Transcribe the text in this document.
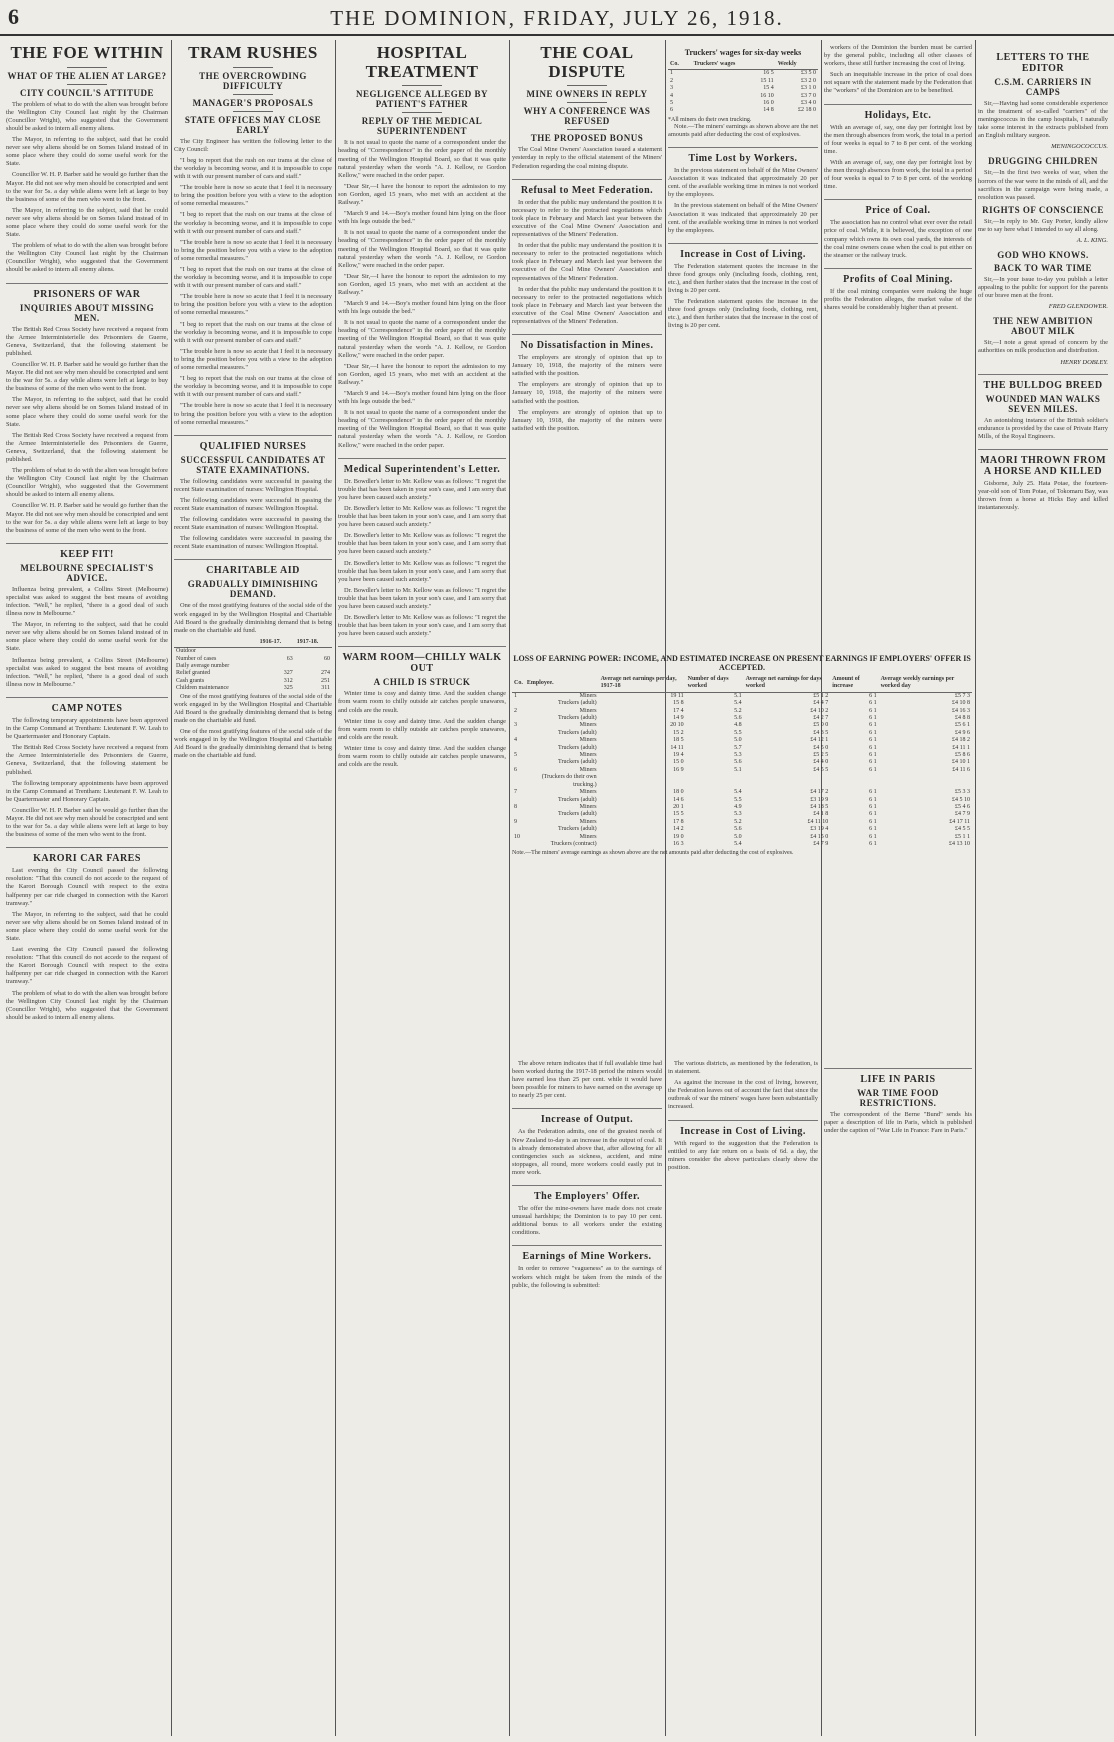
6	THE DOMINION, FRIDAY, JULY 26, 1918.
THE FOE WITHIN
WHAT OF THE ALIEN AT LARGE?
CITY COUNCIL'S ATTITUDE

The problem of what to do with the alien was brought before the Wellington City Council last night by the Chairman (Councillor Wright), who suggested that the Government should be asked to intern all enemy aliens.

The Mayor, in referring to the subject, said that he could never see why aliens should be on Somes Island instead of in some place where they could do some useful work for the State.

Councillor W. H. P. Barber said he would go further than the Mayor. He did not see why men should be conscripted and sent to the war for 5s. a day while aliens were left at large to buy the business of some of the men who went to the front.

The Mayor, in referring to the subject, said that he could never see why aliens should be on Somes Island instead of in some place where they could do some useful work for the State.

The problem of what to do with the alien was brought before the Wellington City Council last night by the Chairman (Councillor Wright), who suggested that the Government should be asked to intern all enemy aliens.

PRISONERS OF WAR
INQUIRIES ABOUT MISSING MEN.

The British Red Cross Society have received a request from the Armee Interministerielle des Prisonniers de Guerre, Geneva, Switzerland, that the following statement be published.

Councillor W. H. P. Barber said he would go further than the Mayor. He did not see why men should be conscripted and sent to the war for 5s. a day while aliens were left at large to buy the business of some of the men who went to the front.

The Mayor, in referring to the subject, said that he could never see why aliens should be on Somes Island instead of in some place where they could do some useful work for the State.

The British Red Cross Society have received a request from the Armee Interministerielle des Prisonniers de Guerre, Geneva, Switzerland, that the following statement be published.

The problem of what to do with the alien was brought before the Wellington City Council last night by the Chairman (Councillor Wright), who suggested that the Government should be asked to intern all enemy aliens.

Councillor W. H. P. Barber said he would go further than the Mayor. He did not see why men should be conscripted and sent to the war for 5s. a day while aliens were left at large to buy the business of some of the men who went to the front.

KEEP FIT!
MELBOURNE SPECIALIST'S ADVICE.

Influenza being prevalent, a Collins Street (Melbourne) specialist was asked to suggest the best means of avoiding infection. "Well," he replied, "there is a good deal of such illness now in Melbourne."

The Mayor, in referring to the subject, said that he could never see why aliens should be on Somes Island instead of in some place where they could do some useful work for the State.

Influenza being prevalent, a Collins Street (Melbourne) specialist was asked to suggest the best means of avoiding infection. "Well," he replied, "there is a good deal of such illness now in Melbourne."

CAMP NOTES

The following temporary appointments have been approved in the Camp Command at Trentham: Lieutenant F. W. Leah to be Quartermaster and Honorary Captain.

The British Red Cross Society have received a request from the Armee Interministerielle des Prisonniers de Guerre, Geneva, Switzerland, that the following statement be published.

The following temporary appointments have been approved in the Camp Command at Trentham: Lieutenant F. W. Leah to be Quartermaster and Honorary Captain.

Councillor W. H. P. Barber said he would go further than the Mayor. He did not see why men should be conscripted and sent to the war for 5s. a day while aliens were left at large to buy the business of some of the men who went to the front.

KARORI CAR FARES

Last evening the City Council passed the following resolution: "That this council do not accede to the request of the Karori Borough Council with respect to the extra halfpenny per car ride charged in connection with the Karori tramway."

The Mayor, in referring to the subject, said that he could never see why aliens should be on Somes Island instead of in some place where they could do some useful work for the State.

Last evening the City Council passed the following resolution: "That this council do not accede to the request of the Karori Borough Council with respect to the extra halfpenny per car ride charged in connection with the Karori tramway."

The problem of what to do with the alien was brought before the Wellington City Council last night by the Chairman (Councillor Wright), who suggested that the Government should be asked to intern all enemy aliens.

TRAM RUSHES
THE OVERCROWDING DIFFICULTY
MANAGER'S PROPOSALS
STATE OFFICES MAY CLOSE EARLY

The City Engineer has written the following letter to the City Council:

"I beg to report that the rush on our trams at the close of the workday is becoming worse, and it is impossible to cope with it with our present number of cars and staff."

"The trouble here is now so acute that I feel it is necessary to bring the position before you with a view to the adoption of some remedial measures."

"I beg to report that the rush on our trams at the close of the workday is becoming worse, and it is impossible to cope with it with our present number of cars and staff."

"The trouble here is now so acute that I feel it is necessary to bring the position before you with a view to the adoption of some remedial measures."

"I beg to report that the rush on our trams at the close of the workday is becoming worse, and it is impossible to cope with it with our present number of cars and staff."

"The trouble here is now so acute that I feel it is necessary to bring the position before you with a view to the adoption of some remedial measures."

"I beg to report that the rush on our trams at the close of the workday is becoming worse, and it is impossible to cope with it with our present number of cars and staff."

"The trouble here is now so acute that I feel it is necessary to bring the position before you with a view to the adoption of some remedial measures."

"I beg to report that the rush on our trams at the close of the workday is becoming worse, and it is impossible to cope with it with our present number of cars and staff."

"The trouble here is now so acute that I feel it is necessary to bring the position before you with a view to the adoption of some remedial measures."

QUALIFIED NURSES
SUCCESSFUL CANDIDATES AT STATE EXAMINATIONS.

The following candidates were successful in passing the recent State examination of nurses: Wellington Hospital.

The following candidates were successful in passing the recent State examination of nurses: Wellington Hospital.

The following candidates were successful in passing the recent State examination of nurses: Wellington Hospital.

The following candidates were successful in passing the recent State examination of nurses: Wellington Hospital.

CHARITABLE AID
GRADUALLY DIMINISHING DEMAND.

One of the most gratifying features of the social side of the work engaged in by the Wellington Hospital and Charitable Aid Board is the gradually diminishing demand that is being made on the charitable aid fund.

	1916-17.	1917-18.
Outdoor		
Number of cases	63	60
Daily average number		
Relief granted	327	274
Cash grants	312	251
Children maintenance	325	311

One of the most gratifying features of the social side of the work engaged in by the Wellington Hospital and Charitable Aid Board is the gradually diminishing demand that is being made on the charitable aid fund.

One of the most gratifying features of the social side of the work engaged in by the Wellington Hospital and Charitable Aid Board is the gradually diminishing demand that is being made on the charitable aid fund.

HOSPITAL TREATMENT
NEGLIGENCE ALLEGED BY PATIENT'S FATHER
REPLY OF THE MEDICAL SUPERINTENDENT

It is not usual to quote the name of a correspondent under the heading of "Correspondence" in the order paper of the monthly meeting of the Wellington Hospital Board, so that it was quite natural yesterday when the words "A. J. Kellow, re Gordon Kellow," were reached in the order paper.

"Dear Sir,—I have the honour to report the admission to my son Gordon, aged 15 years, who met with an accident at the Railway."

"March 9 and 14.—Boy's mother found him lying on the floor with his legs outside the bed."

It is not usual to quote the name of a correspondent under the heading of "Correspondence" in the order paper of the monthly meeting of the Wellington Hospital Board, so that it was quite natural yesterday when the words "A. J. Kellow, re Gordon Kellow," were reached in the order paper.

"Dear Sir,—I have the honour to report the admission to my son Gordon, aged 15 years, who met with an accident at the Railway."

"March 9 and 14.—Boy's mother found him lying on the floor with his legs outside the bed."

It is not usual to quote the name of a correspondent under the heading of "Correspondence" in the order paper of the monthly meeting of the Wellington Hospital Board, so that it was quite natural yesterday when the words "A. J. Kellow, re Gordon Kellow," were reached in the order paper.

"Dear Sir,—I have the honour to report the admission to my son Gordon, aged 15 years, who met with an accident at the Railway."

"March 9 and 14.—Boy's mother found him lying on the floor with his legs outside the bed."

It is not usual to quote the name of a correspondent under the heading of "Correspondence" in the order paper of the monthly meeting of the Wellington Hospital Board, so that it was quite natural yesterday when the words "A. J. Kellow, re Gordon Kellow," were reached in the order paper.

Medical Superintendent's Letter.

Dr. Bowdler's letter to Mr. Kellow was as follows: "I regret the trouble that has been taken in your son's case, and I am sorry that you have been caused such anxiety."

Dr. Bowdler's letter to Mr. Kellow was as follows: "I regret the trouble that has been taken in your son's case, and I am sorry that you have been caused such anxiety."

Dr. Bowdler's letter to Mr. Kellow was as follows: "I regret the trouble that has been taken in your son's case, and I am sorry that you have been caused such anxiety."

Dr. Bowdler's letter to Mr. Kellow was as follows: "I regret the trouble that has been taken in your son's case, and I am sorry that you have been caused such anxiety."

Dr. Bowdler's letter to Mr. Kellow was as follows: "I regret the trouble that has been taken in your son's case, and I am sorry that you have been caused such anxiety."

Dr. Bowdler's letter to Mr. Kellow was as follows: "I regret the trouble that has been taken in your son's case, and I am sorry that you have been caused such anxiety."

WARM ROOM—CHILLY WALK OUT
A CHILD IS STRUCK

Winter time is cosy and dainty time. And the sudden change from warm room to chilly outside air catches people unawares, and colds are the result.

Winter time is cosy and dainty time. And the sudden change from warm room to chilly outside air catches people unawares, and colds are the result.

Winter time is cosy and dainty time. And the sudden change from warm room to chilly outside air catches people unawares, and colds are the result.

THE COAL DISPUTE
MINE OWNERS IN REPLY
WHY A CONFERENCE WAS REFUSED
THE PROPOSED BONUS

The Coal Mine Owners' Association issued a statement yesterday in reply to the official statement of the Miners' Federation regarding the coal mining dispute.

Refusal to Meet Federation.

In order that the public may understand the position it is necessary to refer to the protracted negotiations which took place in February and March last year between the executive of the Coal Mine Owners' Association and representatives of the Miners' Federation.

In order that the public may understand the position it is necessary to refer to the protracted negotiations which took place in February and March last year between the executive of the Coal Mine Owners' Association and representatives of the Miners' Federation.

In order that the public may understand the position it is necessary to refer to the protracted negotiations which took place in February and March last year between the executive of the Coal Mine Owners' Association and representatives of the Miners' Federation.

No Dissatisfaction in Mines.

The employers are strongly of opinion that up to January 10, 1918, the majority of the miners were satisfied with the position.

The employers are strongly of opinion that up to January 10, 1918, the majority of the miners were satisfied with the position.

The employers are strongly of opinion that up to January 10, 1918, the majority of the miners were satisfied with the position.

Truckers' wages for six-day weeks
Co.	Truckers' wages	Weekly
1	16 5	£3 5 0
2	15 11	£3 2 0
3	15 4	£3 1 0
4	16 10	£3 7 0
5	16 0	£3 4 0
6	14 8	£2 18 0
*All miners do their own trucking.

Note.—The miners' earnings as shown above are the net amounts paid after deducting the cost of explosives.

Time Lost by Workers.

In the previous statement on behalf of the Mine Owners' Association it was indicated that approximately 20 per cent. of the available working time in mines is not worked by the employees.

In the previous statement on behalf of the Mine Owners' Association it was indicated that approximately 20 per cent. of the available working time in mines is not worked by the employees.

Increase in Cost of Living.

The Federation statement quotes the increase in the three food groups only (including foods, clothing, rent, etc.), and then further states that the increase in the cost of living is 20 per cent.

The Federation statement quotes the increase in the three food groups only (including foods, clothing, rent, etc.), and then further states that the increase in the cost of living is 20 per cent.

workers of the Dominion the burden must be carried by the general public, including all other classes of workers, these still further increasing the cost of living.

Such an inequitable increase in the price of coal does not square with the statement made by the Federation that the "workers" of the Dominion are to be benefited.

Holidays, Etc.

With an average of, say, one day per fortnight lost by the men through absences from work, the total in a period of four weeks is equal to 7 to 8 per cent. of the working time.

With an average of, say, one day per fortnight lost by the men through absences from work, the total in a period of four weeks is equal to 7 to 8 per cent. of the working time.

Price of Coal.

The association has no control what ever over the retail price of coal. While, it is believed, the exception of one company which owns its own coal yards, the interests of the coal mine owners cease when the coal is put either on the steamer or the railway truck.

Profits of Coal Mining.

If the coal mining companies were making the huge profits the Federation alleges, the market value of the shares would be considerably higher than at present.

LOSS OF EARNING POWER: INCOME, AND ESTIMATED INCREASE ON PRESENT EARNINGS IF EMPLOYERS' OFFER IS ACCEPTED.
Co.	Employee.	Average net earnings per day, 1917-18	Number of days worked	Average net earnings for days worked	Amount of increase	Average weekly earnings per worked day
1	Miners	19 11	5.1	£5 1 2	6 1	£5 7 3
	Truckers (adult)	15 8	5.4	£4 4 7	6 1	£4 10 8
2	Miners	17 4	5.2	£4 10 2	6 1	£4 16 3
	Truckers (adult)	14 9	5.6	£4 2 7	6 1	£4 8 8
3	Miners	20 10	4.8	£5 0 0	6 1	£5 6 1
	Truckers (adult)	15 2	5.5	£4 3 5	6 1	£4 9 6
4	Miners	18 5	5.0	£4 12 1	6 1	£4 18 2
	Truckers (adult)	14 11	5.7	£4 5 0	6 1	£4 11 1
5	Miners	19 4	5.3	£5 2 5	6 1	£5 8 6
	Truckers (adult)	15 0	5.6	£4 4 0	6 1	£4 10 1
6	Miners	16 9	5.1	£4 5 5	6 1	£4 11 6
	(Truckers do their own trucking.)					
7	Miners	18 0	5.4	£4 17 2	6 1	£5 3 3
	Truckers (adult)	14 6	5.5	£3 19 9	6 1	£4 5 10
8	Miners	20 1	4.9	£4 18 5	6 1	£5 4 6
	Truckers (adult)	15 5	5.3	£4 1 8	6 1	£4 7 9
9	Miners	17 8	5.2	£4 11 10	6 1	£4 17 11
	Truckers (adult)	14 2	5.6	£3 19 4	6 1	£4 5 5
10	Miners	19 0	5.0	£4 15 0	6 1	£5 1 1
	Truckers (contract)	16 3	5.4	£4 7 9	6 1	£4 13 10
Note.—The miners' average earnings as shown above are the net amounts paid after deducting the cost of explosives.

The above return indicates that if full available time had been worked during the 1917-18 period the miners would have earned less than 25 per cent. while it would have been possible for miners to have earned on the average up to nearly 25 per cent.

Increase of Output.

As the Federation admits, one of the greatest needs of New Zealand to-day is an increase in the output of coal. It is already demonstrated above that, after allowing for all contingencies such as sickness, accident, and mine stoppages, all round, more workers could easily put in more work.

The Employers' Offer.

The offer the mine-owners have made does not create unusual hardships; the Dominion is to pay 10 per cent. additional bonus to all workers under the existing conditions.

Earnings of Mine Workers.

In order to remove "vagueness" as to the earnings of workers which might be taken from the minds of the public, the following is submitted:

The various districts, as mentioned by the federation, is in statement.

As against the increase in the cost of living, however, the Federation leaves out of account the fact that since the outbreak of war the miners' wages have been substantially increased.

Increase in Cost of Living.

With regard to the suggestion that the Federation is entitled to any fair return on a basis of 6d. a day, the miners consider the above particulars clearly show the position.

LIFE IN PARIS
WAR TIME FOOD RESTRICTIONS.

The correspondent of the Berne "Bund" sends his paper a description of life in Paris, which is published under the caption of "War Life in France: Fare in Paris."

LETTERS TO THE EDITOR
C.S.M. CARRIERS IN CAMPS

Sir,—Having had some considerable experience in the treatment of so-called "carriers" of the meningococcus in the camp hospitals, I naturally take some interest in the extracts published from an English military surgeon.

MENINGOCOCCUS.
DRUGGING CHILDREN

Sir,—In the first two weeks of war, when the horrors of the war were in the minds of all, and the sacrifices in the campaign were being made, a resolution was passed.

RIGHTS OF CONSCIENCE

Sir,—In reply to Mr. Guy Porter, kindly allow me to say here what I intended to say all along.

A. L. KING.
GOD WHO KNOWS.
BACK TO WAR TIME

Sir,—In your issue to-day you publish a letter appealing to the public for support for the parents of our brave men at the front.

FRED GLENDOWER.
THE NEW AMBITION ABOUT MILK

Sir,—I note a great spread of concern by the authorities on milk production and distribution.

HENRY DOBLEY.
THE BULLDOG BREED
WOUNDED MAN WALKS SEVEN MILES.

An astonishing instance of the British soldier's endurance is provided by the case of Private Harry Mills, of the Royal Engineers.

MAORI THROWN FROM A HORSE AND KILLED

Gisborne, July 25. Hata Potae, the fourteen-year-old son of Tom Potae, of Tokomaru Bay, was thrown from a horse at Hicks Bay and killed instantaneously.
